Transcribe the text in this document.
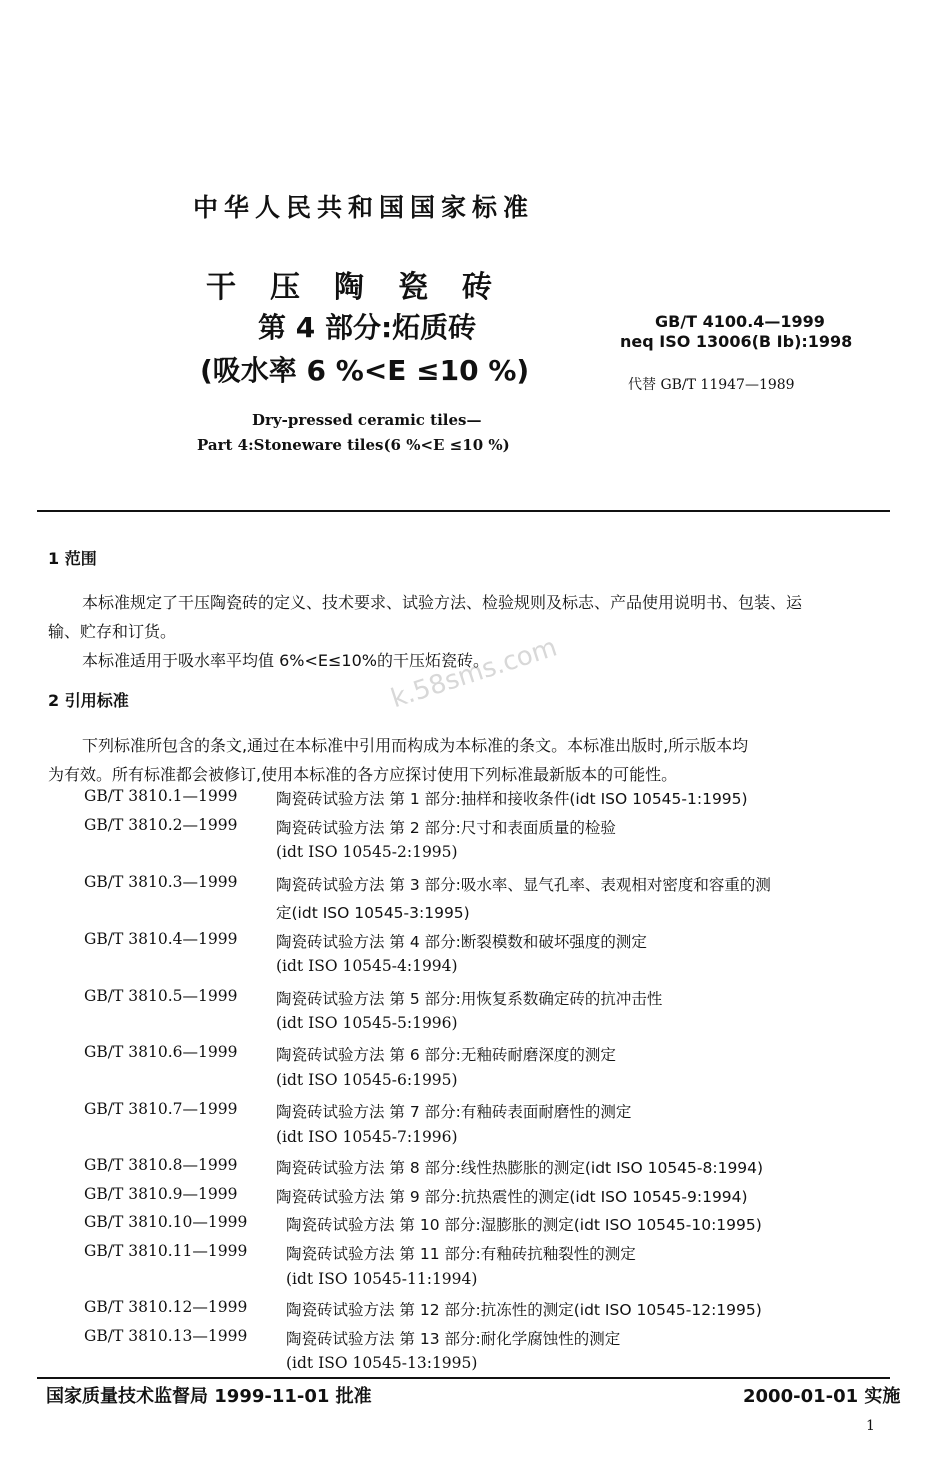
k.58sms.com
中华人民共和国国家标准
干压陶瓷砖
第 4 部分:炻质砖
(吸水率 6 %<E ≤10 %)
GB/T 4100.4—1999
neq ISO 13006(B Ⅰb):1998
代替 GB/T 11947—1989
Dry-pressed ceramic tiles—
Part 4:Stoneware tiles(6 %<E ≤10 %)
1 范围
本标准规定了干压陶瓷砖的定义、技术要求、试验方法、检验规则及标志、产品使用说明书、包装、运
输、贮存和订货。
本标准适用于吸水率平均值 6%<E≤10%的干压炻瓷砖。
2 引用标准
下列标准所包含的条文,通过在本标准中引用而构成为本标准的条文。本标准出版时,所示版本均
为有效。所有标准都会被修订,使用本标准的各方应探讨使用下列标准最新版本的可能性。
GB/T 3810.1—1999 陶瓷砖试验方法 第 1 部分:抽样和接收条件(idt ISO 10545-1:1995)
GB/T 3810.2—1999 陶瓷砖试验方法 第 2 部分:尺寸和表面质量的检验
(idt ISO 10545-2:1995)
GB/T 3810.3—1999 陶瓷砖试验方法 第 3 部分:吸水率、显气孔率、表观相对密度和容重的测
定(idt ISO 10545-3:1995)
GB/T 3810.4—1999 陶瓷砖试验方法 第 4 部分:断裂模数和破坏强度的测定
(idt ISO 10545-4:1994)
GB/T 3810.5—1999 陶瓷砖试验方法 第 5 部分:用恢复系数确定砖的抗冲击性
(idt ISO 10545-5:1996)
GB/T 3810.6—1999 陶瓷砖试验方法 第 6 部分:无釉砖耐磨深度的测定
(idt ISO 10545-6:1995)
GB/T 3810.7—1999 陶瓷砖试验方法 第 7 部分:有釉砖表面耐磨性的测定
(idt ISO 10545-7:1996)
GB/T 3810.8—1999 陶瓷砖试验方法 第 8 部分:线性热膨胀的测定(idt ISO 10545-8:1994)
GB/T 3810.9—1999 陶瓷砖试验方法 第 9 部分:抗热震性的测定(idt ISO 10545-9:1994)
GB/T 3810.10—1999 陶瓷砖试验方法 第 10 部分:湿膨胀的测定(idt ISO 10545-10:1995)
GB/T 3810.11—1999 陶瓷砖试验方法 第 11 部分:有釉砖抗釉裂性的测定
(idt ISO 10545-11:1994)
GB/T 3810.12—1999 陶瓷砖试验方法 第 12 部分:抗冻性的测定(idt ISO 10545-12:1995)
GB/T 3810.13—1999 陶瓷砖试验方法 第 13 部分:耐化学腐蚀性的测定
(idt ISO 10545-13:1995)
国家质量技术监督局 1999-11-01 批准	2000-01-01 实施
1
